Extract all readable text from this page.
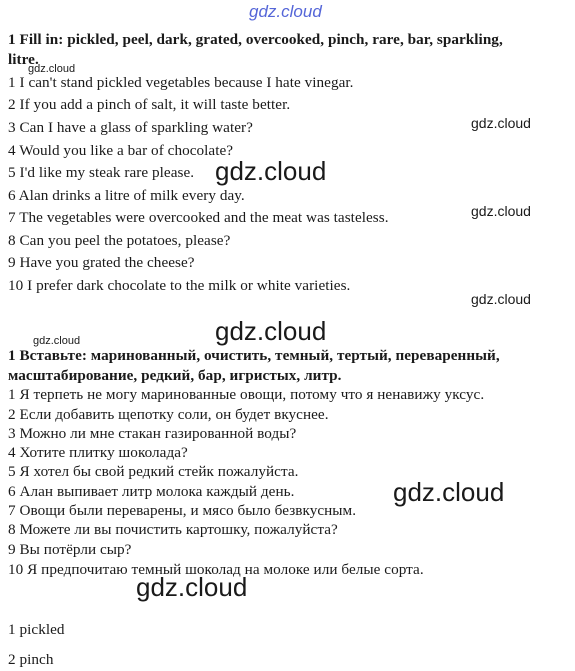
gdz.cloud
1 Fill in: pickled, peel, dark, grated, overcooked, pinch, rare, bar, sparkling,
litre.
1 I can't stand pickled vegetables because I hate vinegar.
2 If you add a pinch of salt, it will taste better.
3 Can I have a glass of sparkling water?
4 Would you like a bar of chocolate?
5 I'd like my steak rare please.
6 Alan drinks a litre of milk every day.
7 The vegetables were overcooked and the meat was tasteless.
8 Can you peel the potatoes, please?
9 Have you grated the cheese?
10 I prefer dark chocolate to the milk or white varieties.
1 Вставьте: маринованный, очистить, темный, тертый, переваренный,
масштабирование, редкий, бар, игристых, литр.
1 Я терпеть не могу маринованные овощи, потому что я ненавижу уксус.
2 Если добавить щепотку соли, он будет вкуснее.
3 Можно ли мне стакан газированной воды?
4 Хотите плитку шоколада?
5 Я хотел бы свой редкий стейк пожалуйста.
6 Алан выпивает литр молока каждый день.
7 Овощи были переварены, и мясо было безвкусным.
8 Можете ли вы почистить картошку, пожалуйста?
9 Вы потёрли сыр?
10 Я предпочитаю темный шоколад на молоке или белые сорта.
1 pickled
2 pinch
gdz.cloud
gdz.cloud
gdz.cloud
gdz.cloud
gdz.cloud
gdz.cloud
gdz.cloud
gdz.cloud
gdz.cloud
